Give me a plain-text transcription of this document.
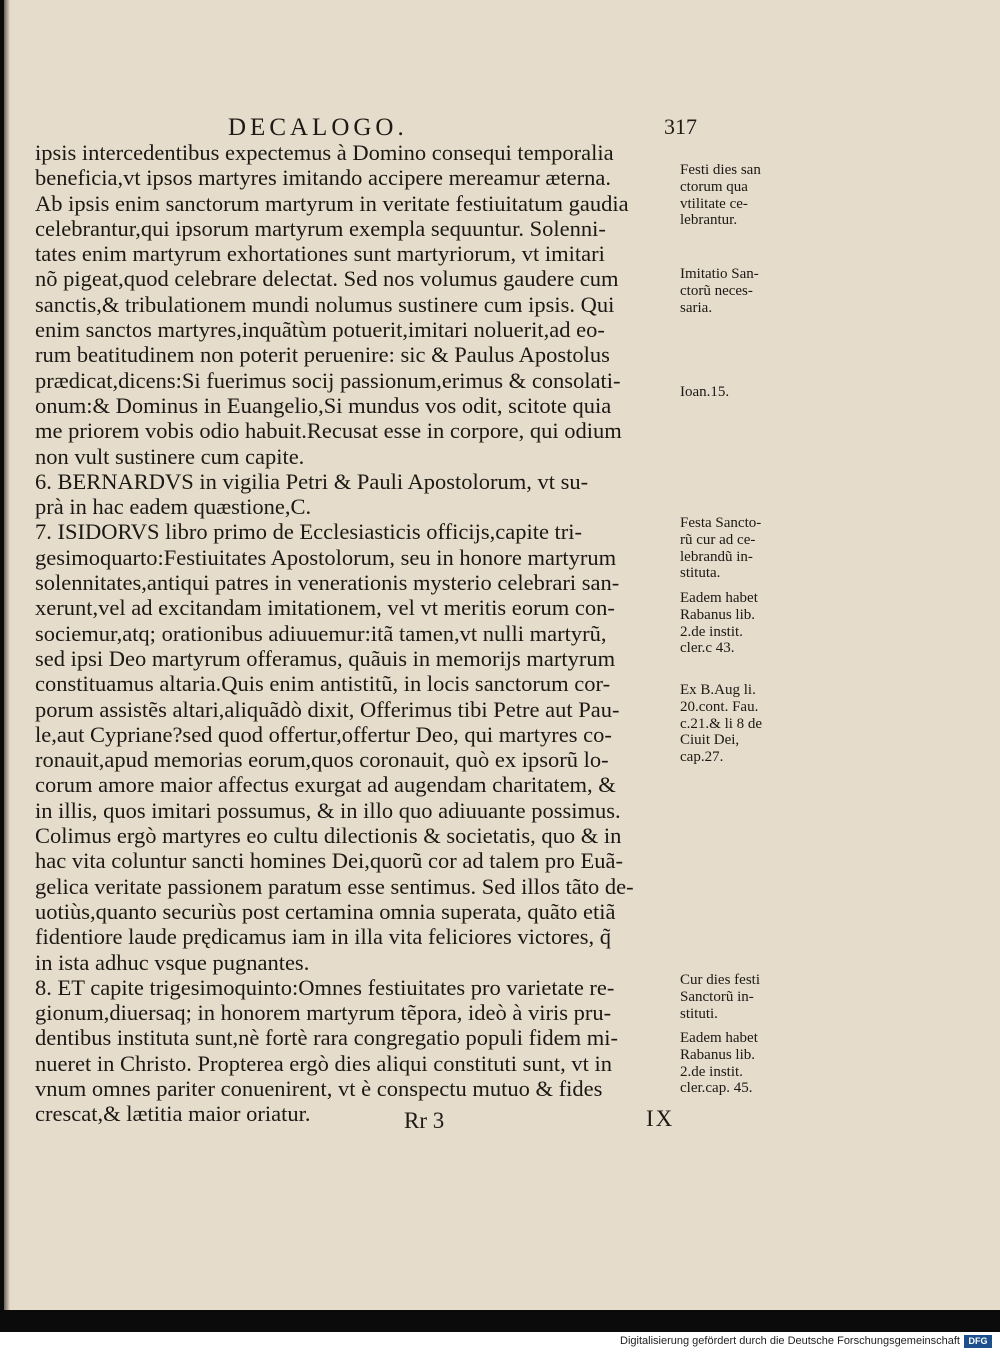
DECALOGO.	317
ipsis intercedentibus expectemus à Domino consequi temporalia
beneficia,vt ipsos martyres imitando accipere mereamur æterna.
Ab ipsis enim sanctorum martyrum in veritate festiuitatum gaudia
celebrantur,qui ipsorum martyrum exempla sequuntur. Solenni-
tates enim martyrum exhortationes sunt martyriorum, vt imitari
nõ pigeat,quod celebrare delectat. Sed nos volumus gaudere cum
sanctis,& tribulationem mundi nolumus sustinere cum ipsis. Qui
enim sanctos martyres,inquãtùm potuerit,imitari noluerit,ad eo-
rum beatitudinem non poterit peruenire: sic & Paulus Apostolus
prædicat,dicens:Si fuerimus socij passionum,erimus & consolati-
onum:& Dominus in Euangelio,Si mundus vos odit, scitote quia
me priorem vobis odio habuit.Recusat esse in corpore, qui odium
non vult sustinere cum capite.
6. BERNARDVS in vigilia Petri & Pauli Apostolorum, vt su-
prà in hac eadem quæstione,C.
7. ISIDORVS libro primo de Ecclesiasticis officijs,capite tri-
gesimoquarto:Festiuitates Apostolorum, seu in honore martyrum
solennitates,antiqui patres in venerationis mysterio celebrari san-
xerunt,vel ad excitandam imitationem, vel vt meritis eorum con-
sociemur,atq; orationibus adiuuemur:itã tamen,vt nulli martyrũ,
sed ipsi Deo martyrum offeramus, quãuis in memorijs martyrum
constituamus altaria.Quis enim antistitũ, in locis sanctorum cor-
porum assistẽs altari,aliquãdò dixit, Offerimus tibi Petre aut Pau-
le,aut Cypriane?sed quod offertur,offertur Deo, qui martyres co-
ronauit,apud memorias eorum,quos coronauit, quò ex ipsorũ lo-
corum amore maior affectus exurgat ad augendam charitatem, &
in illis, quos imitari possumus, & in illo quo adiuuante possimus.
Colimus ergò martyres eo cultu dilectionis & societatis, quo & in
hac vita coluntur sancti homines Dei,quorũ cor ad talem pro Euã-
gelica veritate passionem paratum esse sentimus. Sed illos tãto de-
uotiùs,quanto securiùs post certamina omnia superata, quãto etiã
fidentiore laude prędicamus iam in illa vita feliciores victores, q̃
in ista adhuc vsque pugnantes.
8. ET capite trigesimoquinto:Omnes festiuitates pro varietate re-
gionum,diuersaq; in honorem martyrum tẽpora, ideò à viris pru-
dentibus instituta sunt,nè fortè rara congregatio populi fidem mi-
nueret in Christo. Propterea ergò dies aliqui constituti sunt, vt in
vnum omnes pariter conuenirent, vt è conspectu mutuo & fides
crescat,& lætitia maior oriatur.
Festi dies san
ctorum qua
vtilitate ce-
lebrantur.
Imitatio San-
ctorũ neces-
saria.
Ioan.15.
Festa Sancto-
rũ cur ad ce-
lebrandũ in-
stituta.
Eadem habet
Rabanus lib.
2.de instit.
cler.c 43.
Ex B.Aug li.
20.cont. Fau.
c.21.& li 8 de
Ciuit Dei,
cap.27.
Cur dies festi
Sanctorũ in-
stituti.
Eadem habet
Rabanus lib.
2.de instit.
cler.cap. 45.
Rr 3	IX
Digitalisierung gefördert durch die Deutsche Forschungsgemeinschaft DFG
